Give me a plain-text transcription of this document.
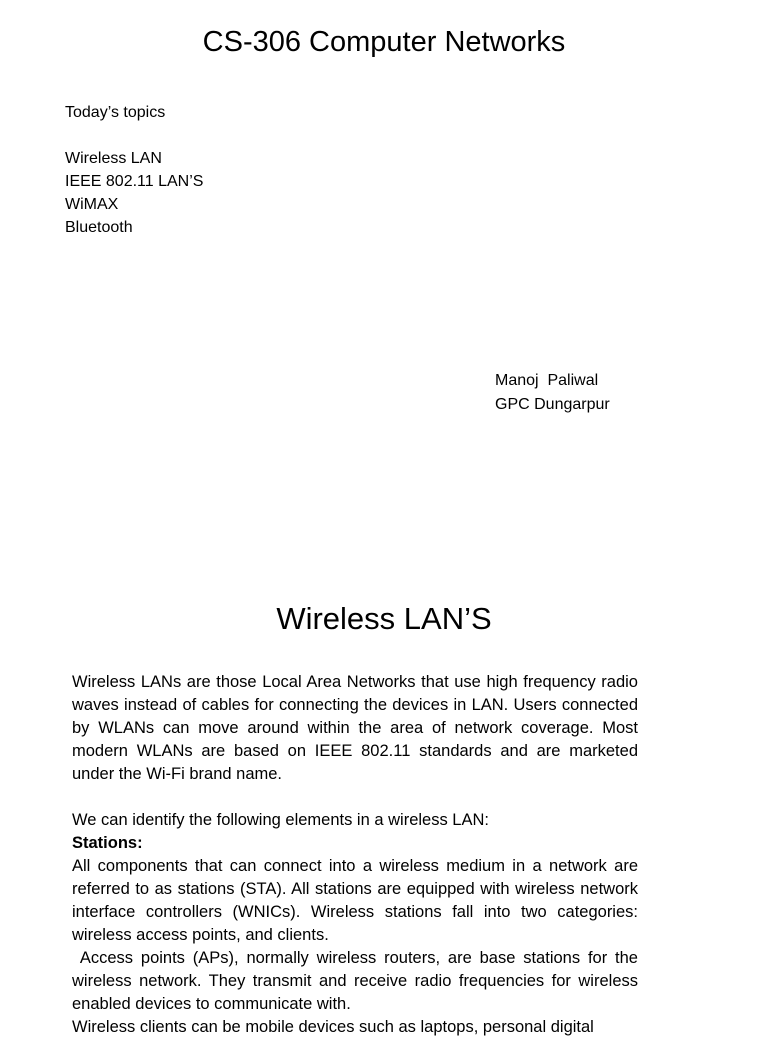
CS-306 Computer Networks
Today’s topics
Wireless LAN
IEEE 802.11 LAN’S
WiMAX
Bluetooth
Manoj  Paliwal
GPC Dungarpur
Wireless LAN’S

Wireless LANs are those Local Area Networks that use high frequency radio waves instead of cables for connecting the devices in LAN. Users connected by WLANs can move around within the area of network coverage. Most modern WLANs are based on IEEE 802.11 standards and are marketed under the Wi-Fi brand name.

We can identify the following elements in a wireless LAN:

Stations:

All components that can connect into a wireless medium in a network are referred to as stations (STA). All stations are equipped with wireless network interface controllers (WNICs). Wireless stations fall into two categories: wireless access points, and clients.

Access points (APs), normally wireless routers, are base stations for the wireless network. They transmit and receive radio frequencies for wireless enabled devices to communicate with.

Wireless clients can be mobile devices such as laptops, personal digital
